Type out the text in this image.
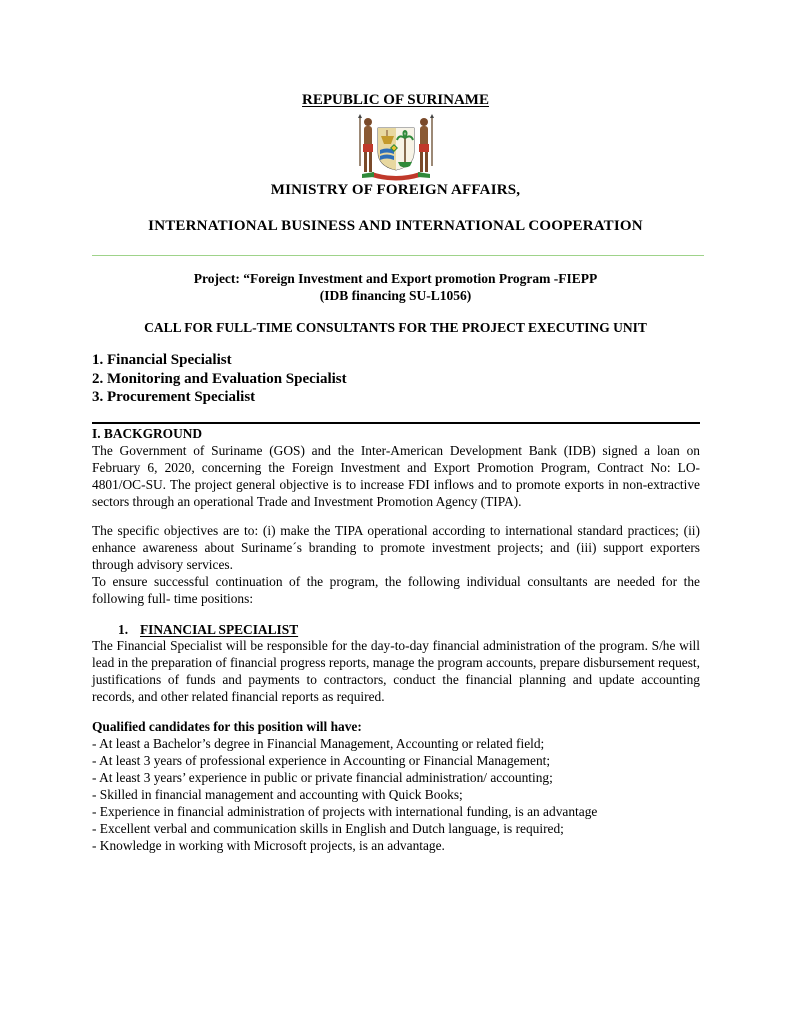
REPUBLIC OF SURINAME
MINISTRY OF FOREIGN AFFAIRS,
INTERNATIONAL BUSINESS AND INTERNATIONAL COOPERATION
Project: “Foreign Investment and Export promotion Program -FIEPP
(IDB financing SU-L1056)
CALL FOR FULL-TIME CONSULTANTS FOR THE PROJECT EXECUTING UNIT
1. Financial Specialist
2. Monitoring and Evaluation Specialist
3. Procurement Specialist
I. BACKGROUND
The Government of Suriname (GOS) and the Inter-American Development Bank (IDB) signed a loan on February 6, 2020, concerning the Foreign Investment and Export Promotion Program, Contract No: LO-4801/OC-SU. The project general objective is to increase FDI inflows and to promote exports in non-extractive sectors through an operational Trade and Investment Promotion Agency (TIPA).
The specific objectives are to: (i) make the TIPA operational according to international standard practices; (ii) enhance awareness about Suriname´s branding to promote investment projects; and (iii) support exporters through advisory services.
To ensure successful continuation of the program, the following individual consultants are needed for the following full- time positions:
1. FINANCIAL SPECIALIST
The Financial Specialist will be responsible for the day-to-day financial administration of the program. S/he will lead in the preparation of financial progress reports, manage the program accounts, prepare disbursement request, justifications of funds and payments to contractors, conduct the financial planning and update accounting records, and other related financial reports as required.
Qualified candidates for this position will have:
- At least a Bachelor’s degree in Financial Management, Accounting or related field;
- At least 3 years of professional experience in Accounting or Financial Management;
- At least 3 years’ experience in public or private financial administration/ accounting;
- Skilled in financial management and accounting with Quick Books;
- Experience in financial administration of projects with international funding, is an advantage
- Excellent verbal and communication skills in English and Dutch language, is required;
- Knowledge in working with Microsoft projects, is an advantage.
